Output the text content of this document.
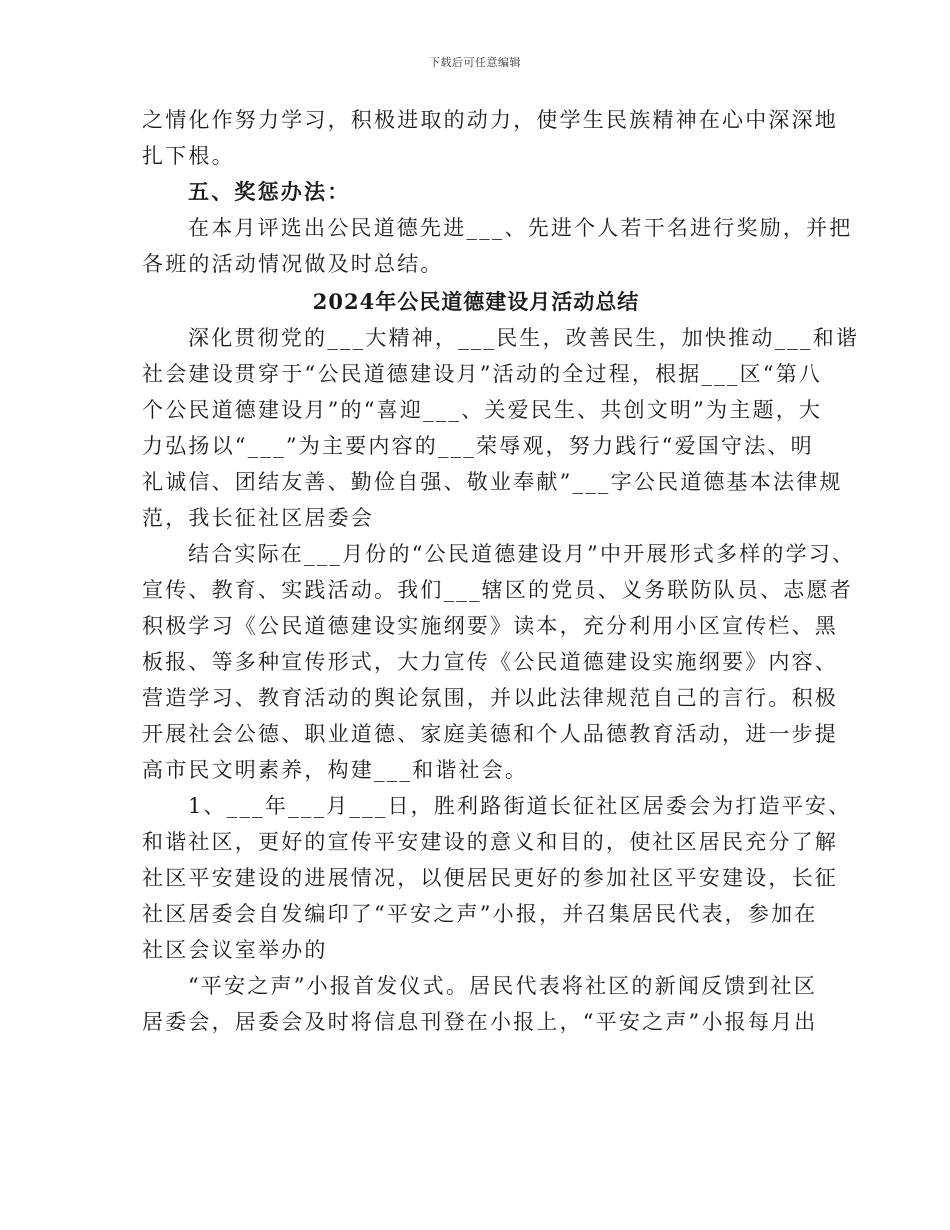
下载后可任意编辑
之情化作努力学习，积极进取的动力，使学生民族精神在心中深深地
扎下根。
五、奖惩办法：
在本月评选出公民道德先进___、先进个人若干名进行奖励，并把
各班的活动情况做及时总结。
2024年公民道德建设月活动总结
深化贯彻党的___大精神，___民生，改善民生，加快推动___和谐
社会建设贯穿于“公民道德建设月”活动的全过程，根据___区“第八
个公民道德建设月”的“喜迎___、关爱民生、共创文明”为主题，大
力弘扬以“___”为主要内容的___荣辱观，努力践行“爱国守法、明
礼诚信、团结友善、勤俭自强、敬业奉献”___字公民道德基本法律规
范，我长征社区居委会
结合实际在___月份的“公民道德建设月”中开展形式多样的学习、
宣传、教育、实践活动。我们___辖区的党员、义务联防队员、志愿者
积极学习《公民道德建设实施纲要》读本，充分利用小区宣传栏、黑
板报、等多种宣传形式，大力宣传《公民道德建设实施纲要》内容、
营造学习、教育活动的舆论氛围，并以此法律规范自己的言行。积极
开展社会公德、职业道德、家庭美德和个人品德教育活动，进一步提
高市民文明素养，构建___和谐社会。
1、___年___月___日，胜利路街道长征社区居委会为打造平安、
和谐社区，更好的宣传平安建设的意义和目的，使社区居民充分了解
社区平安建设的进展情况，以便居民更好的参加社区平安建设，长征
社区居委会自发编印了“平安之声”小报，并召集居民代表，参加在
社区会议室举办的
“平安之声”小报首发仪式。居民代表将社区的新闻反馈到社区
居委会，居委会及时将信息刊登在小报上，“平安之声”小报每月出
